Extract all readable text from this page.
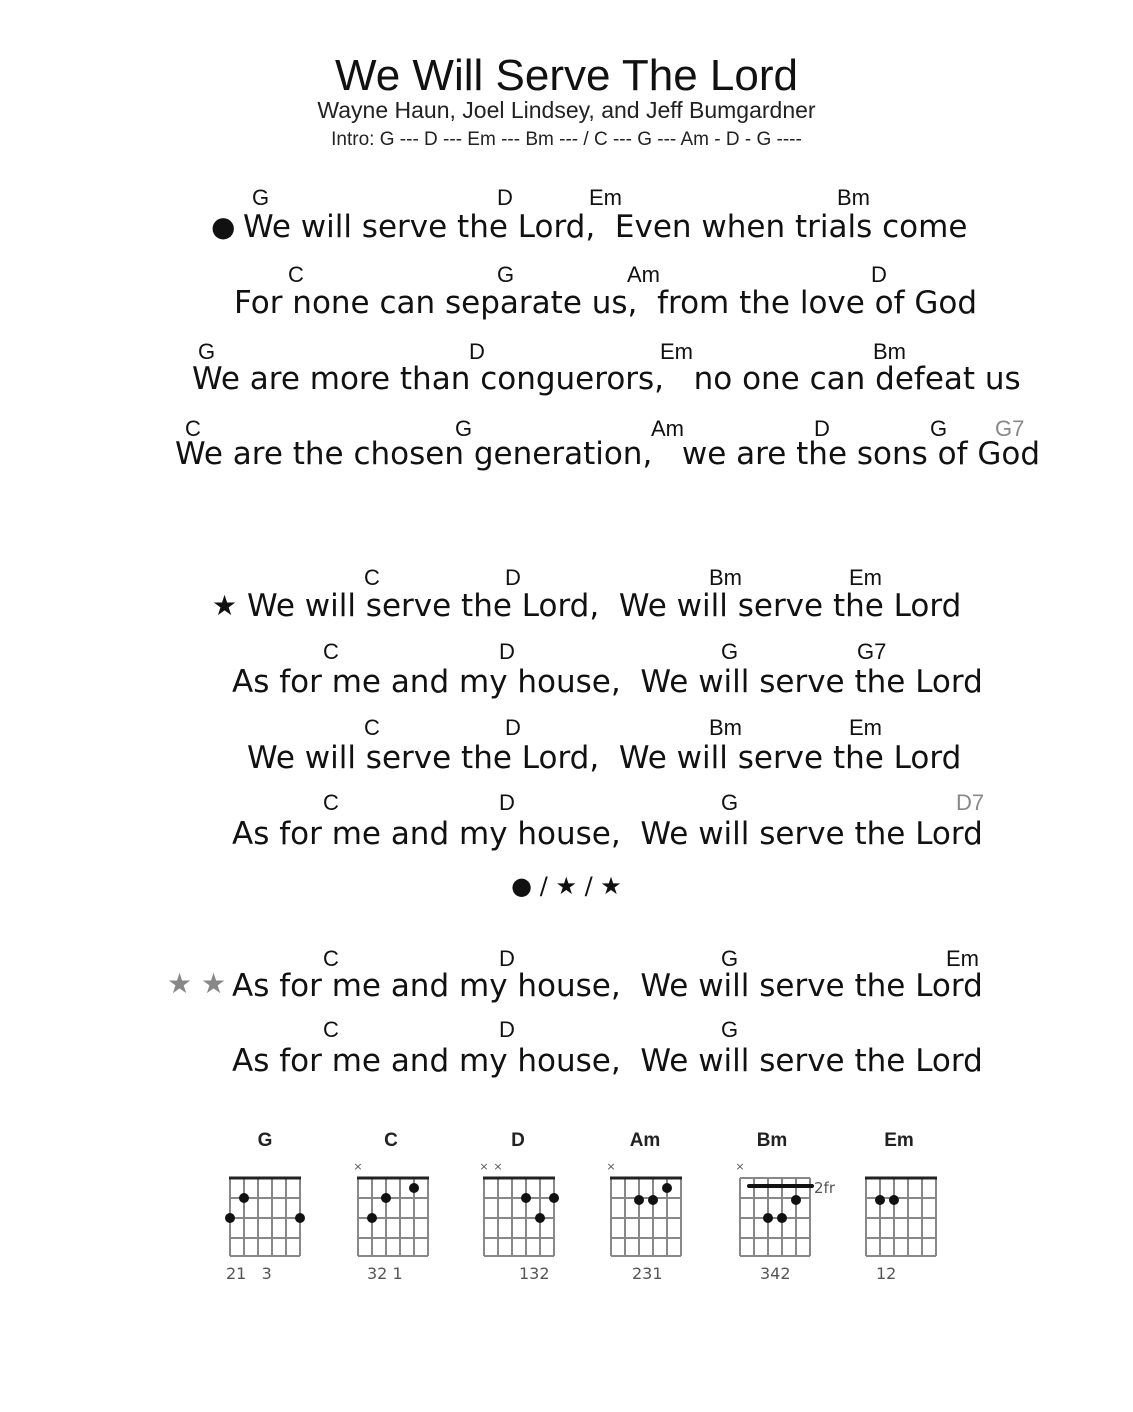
We Will Serve The Lord
Wayne Haun, Joel Lindsey, and Jeff Bumgardner
Intro: G --- D --- Em --- Bm --- / C --- G --- Am - D - G ----
●
G	D	Em	Bm
We will serve the Lord,  Even when trials come
C	G	Am	D
For none can separate us,  from the love of God
G	D	Em	Bm
We are more than conguerors,   no one can defeat us
C	G	Am	D	G G7
We are the chosen generation,   we are the sons of God
★
C	D	Bm	Em
We will serve the Lord,  We will serve the Lord
C	D	G	G7
As for me and my house,  We will serve the Lord
C	D	Bm	Em
We will serve the Lord,  We will serve the Lord
C	D	G	D7
As for me and my house,  We will serve the Lord
● / ★ / ★
★ ★
C	D	G	Em
As for me and my house,  We will serve the Lord
C	D	G
As for me and my house,  We will serve the Lord
G
21   3
C
×
32 1
D
× ×
132
Am
×
231
Bm
×
2fr
342
Em
12
